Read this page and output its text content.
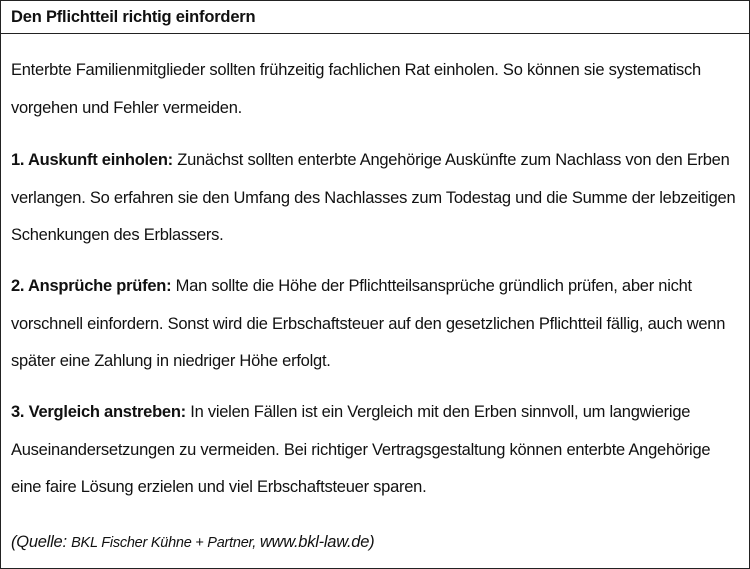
Den Pflichtteil richtig einfordern

Enterbte Familienmitglieder sollten frühzeitig fachlichen Rat einholen. So können sie systematisch vorgehen und Fehler vermeiden.

1. Auskunft einholen: Zunächst sollten enterbte Angehörige Auskünfte zum Nachlass von den Erben verlangen. So erfahren sie den Umfang des Nachlasses zum Todestag und die Summe der lebzeitigen Schenkungen des Erblassers.

2. Ansprüche prüfen: Man sollte die Höhe der Pflichtteilsansprüche gründlich prüfen, aber nicht vorschnell einfordern. Sonst wird die Erbschaftsteuer auf den gesetzlichen Pflichtteil fällig, auch wenn später eine Zahlung in niedriger Höhe erfolgt.

3. Vergleich anstreben: In vielen Fällen ist ein Vergleich mit den Erben sinnvoll, um langwierige Auseinandersetzungen zu vermeiden. Bei richtiger Vertragsgestaltung können enterbte Angehörige eine faire Lösung erzielen und viel Erbschaftsteuer sparen.

(Quelle: BKL Fischer Kühne + Partner, www.bkl-law.de)
